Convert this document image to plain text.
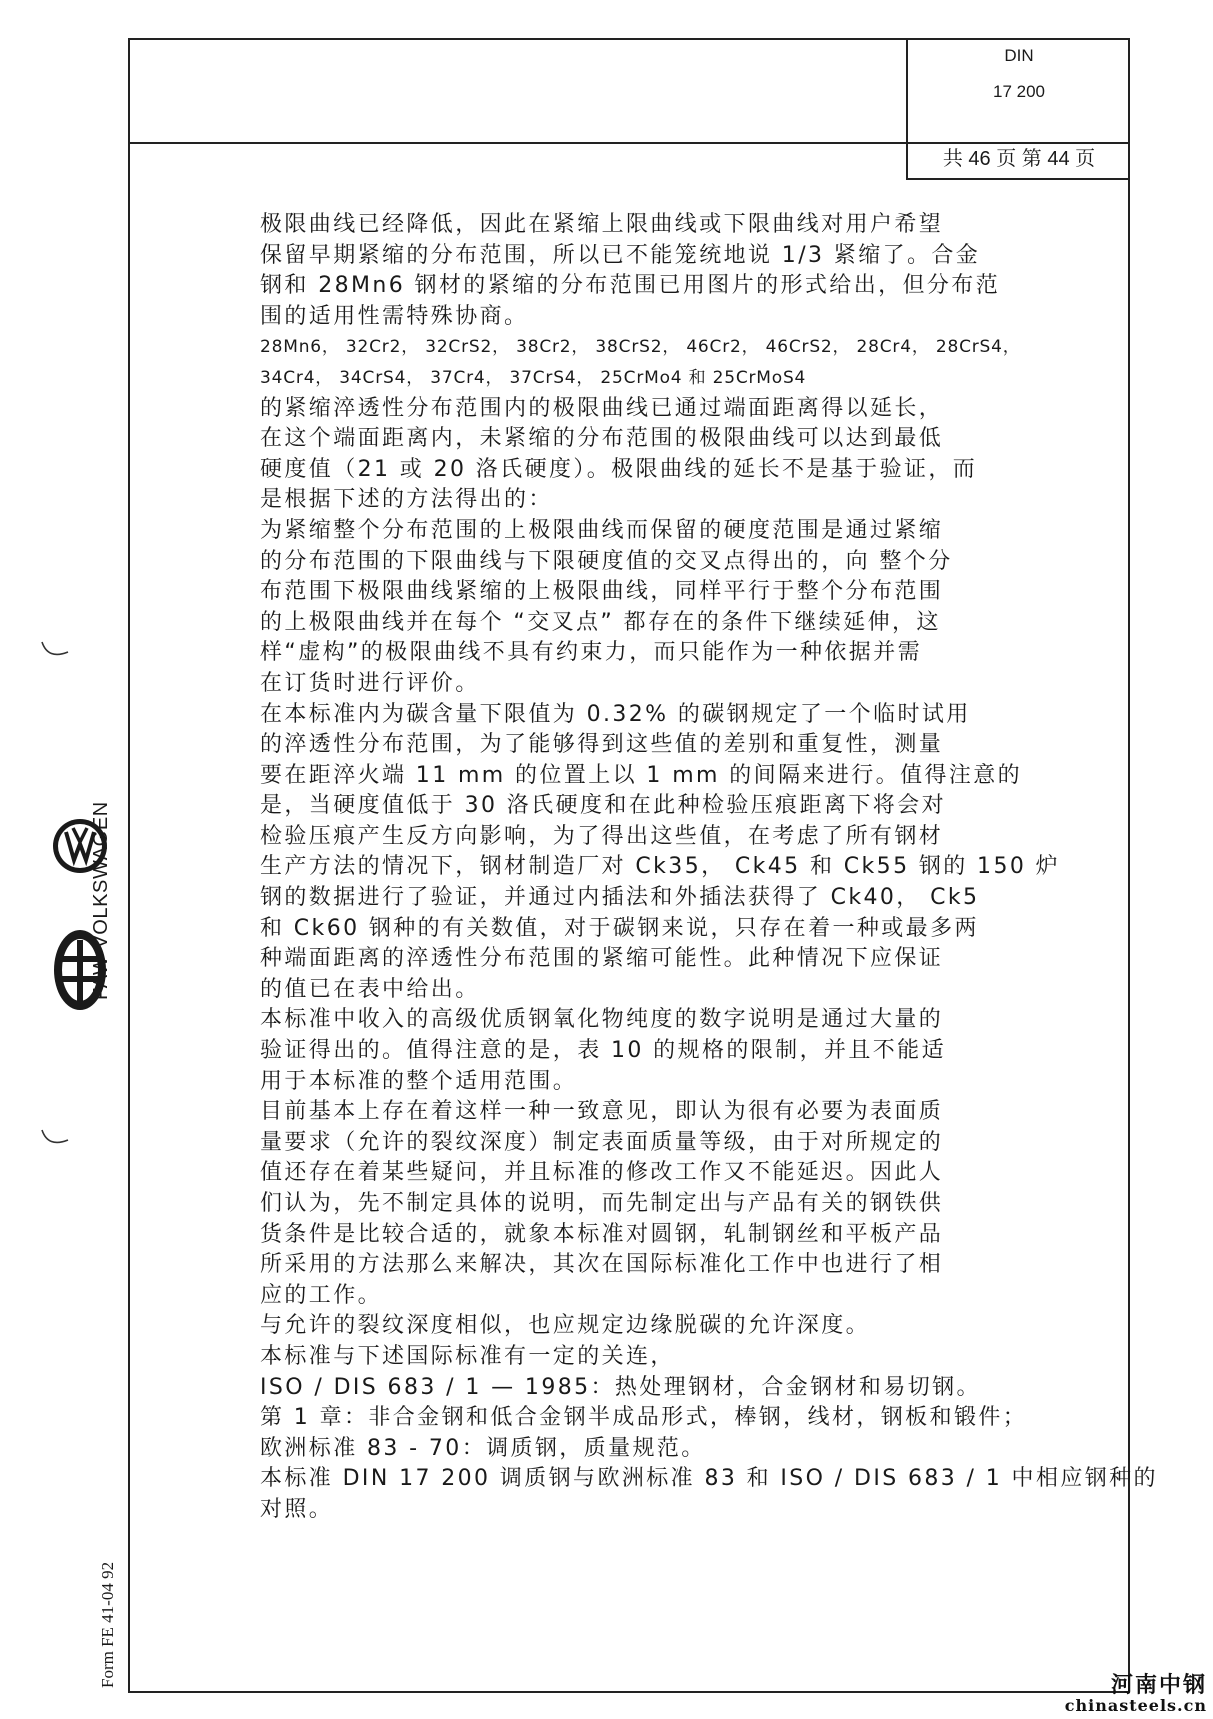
DIN
17 200
共 46 页 第 44 页
极限曲线已经降低，因此在紧缩上限曲线或下限曲线对用户希望
保留早期紧缩的分布范围，所以已不能笼统地说 1/3 紧缩了。合金
钢和 28Mn6 钢材的紧缩的分布范围已用图片的形式给出，但分布范
围的适用性需特殊协商。
28Mn6， 32Cr2， 32CrS2， 38Cr2， 38CrS2， 46Cr2， 46CrS2， 28Cr4， 28CrS4，
34Cr4， 34CrS4， 37Cr4， 37CrS4， 25CrMo4 和 25CrMoS4
的紧缩淬透性分布范围内的极限曲线已通过端面距离得以延长，
在这个端面距离内，未紧缩的分布范围的极限曲线可以达到最低
硬度值（21 或 20 洛氏硬度）。极限曲线的延长不是基于验证，而
是根据下述的方法得出的：
为紧缩整个分布范围的上极限曲线而保留的硬度范围是通过紧缩
的分布范围的下限曲线与下限硬度值的交叉点得出的，向 整个分
布范围下极限曲线紧缩的上极限曲线，同样平行于整个分布范围
的上极限曲线并在每个 “交叉点” 都存在的条件下继续延伸，这
样“虚构”的极限曲线不具有约束力，而只能作为一种依据并需
在订货时进行评价。
在本标准内为碳含量下限值为 0.32% 的碳钢规定了一个临时试用
的淬透性分布范围，为了能够得到这些值的差别和重复性，测量
要在距淬火端 11 mm 的位置上以 1 mm 的间隔来进行。值得注意的
是，当硬度值低于 30 洛氏硬度和在此种检验压痕距离下将会对
检验压痕产生反方向影响，为了得出这些值，在考虑了所有钢材
生产方法的情况下，钢材制造厂对 Ck35， Ck45 和 Ck55 钢的 150 炉
钢的数据进行了验证，并通过内插法和外插法获得了 Ck40， Ck5
和 Ck60 钢种的有关数值，对于碳钢来说，只存在着一种或最多两
种端面距离的淬透性分布范围的紧缩可能性。此种情况下应保证
的值已在表中给出。
本标准中收入的高级优质钢氧化物纯度的数字说明是通过大量的
验证得出的。值得注意的是，表 10 的规格的限制，并且不能适
用于本标准的整个适用范围。
目前基本上存在着这样一种一致意见，即认为很有必要为表面质
量要求（允许的裂纹深度）制定表面质量等级，由于对所规定的
值还存在着某些疑问，并且标准的修改工作又不能延迟。因此人
们认为，先不制定具体的说明，而先制定出与产品有关的钢铁供
货条件是比较合适的，就象本标准对圆钢，轧制钢丝和平板产品
所采用的方法那么来解决，其次在国际标准化工作中也进行了相
应的工作。
与允许的裂纹深度相似，也应规定边缘脱碳的允许深度。
本标准与下述国际标准有一定的关连，
ISO / DIS 683 / 1 — 1985：热处理钢材，合金钢材和易切钢。
第 1 章：非合金钢和低合金钢半成品形式，棒钢，线材，钢板和锻件；
欧洲标准 83 - 70：调质钢，质量规范。
本标准 DIN 17 200 调质钢与欧洲标准 83 和 ISO / DIS 683 / 1 中相应钢种的
对照。
FAW-VOLKSWAGEN
Form FE 41-04 92	河南中钢
chinasteels.cn
